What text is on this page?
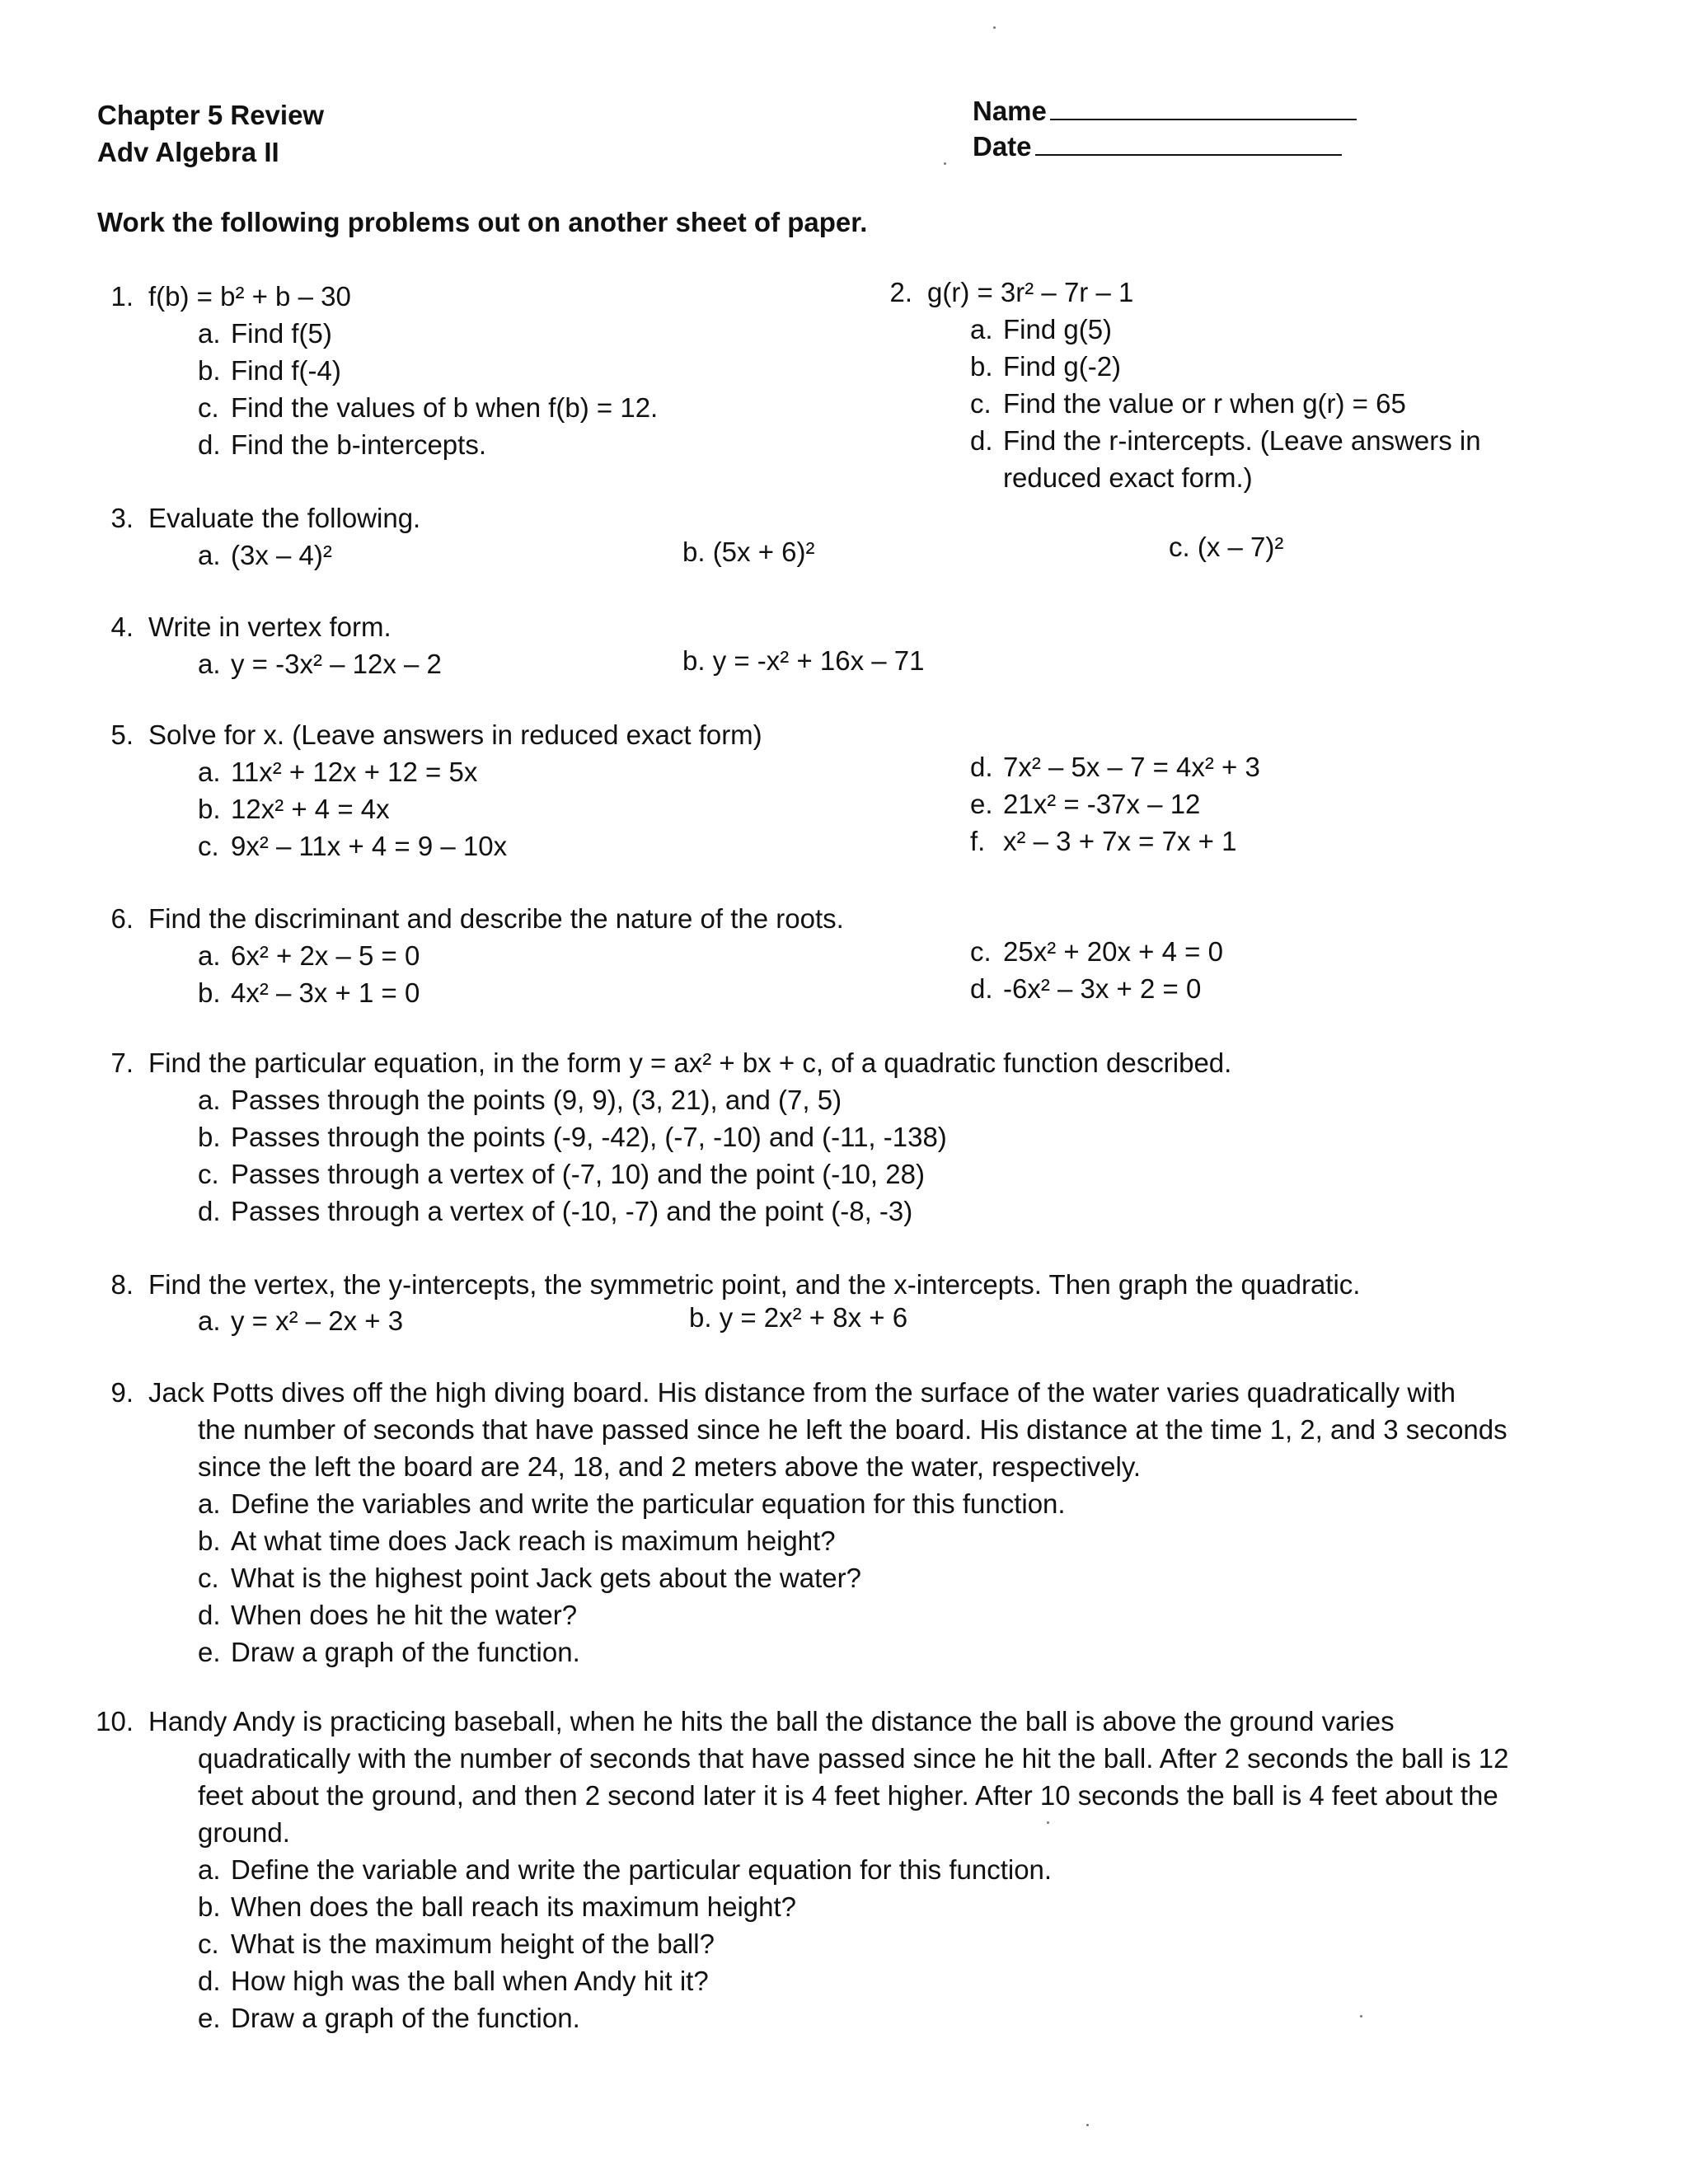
Chapter 5 Review
Adv Algebra II
Name
Date
Work the following problems out on another sheet of paper.
1. f(b) = b² + b – 30
a. Find f(5)
b. Find f(-4)
c. Find the values of b when f(b) = 12.
d. Find the b-intercepts.
2. g(r) = 3r² – 7r – 1
a. Find g(5)
b. Find g(-2)
c. Find the value or r when g(r) = 65
d. Find the r-intercepts. (Leave answers in
reduced exact form.)
3. Evaluate the following.
a. (3x – 4)²	b. (5x + 6)²	c. (x – 7)²
4. Write in vertex form.
a. y = -3x² – 12x – 2	b. y = -x² + 16x – 71
5. Solve for x. (Leave answers in reduced exact form)
a. 11x² + 12x + 12 = 5x
b. 12x² + 4 = 4x
c. 9x² – 11x + 4 = 9 – 10x
d. 7x² – 5x – 7 = 4x² + 3
e. 21x² = -37x – 12
f. x² – 3 + 7x = 7x + 1
6. Find the discriminant and describe the nature of the roots.
a. 6x² + 2x – 5 = 0
b. 4x² – 3x + 1 = 0
c. 25x² + 20x + 4 = 0
d. -6x² – 3x + 2 = 0
7. Find the particular equation, in the form y = ax² + bx + c, of a quadratic function described.
a. Passes through the points (9, 9), (3, 21), and (7, 5)
b. Passes through the points (-9, -42), (-7, -10) and (-11, -138)
c. Passes through a vertex of (-7, 10) and the point (-10, 28)
d. Passes through a vertex of (-10, -7) and the point (-8, -3)
8. Find the vertex, the y-intercepts, the symmetric point, and the x-intercepts. Then graph the quadratic.
a. y = x² – 2x + 3	b. y = 2x² + 8x + 6
9. Jack Potts dives off the high diving board. His distance from the surface of the water varies quadratically with
the number of seconds that have passed since he left the board. His distance at the time 1, 2, and 3 seconds
since the left the board are 24, 18, and 2 meters above the water, respectively.
a. Define the variables and write the particular equation for this function.
b. At what time does Jack reach is maximum height?
c. What is the highest point Jack gets about the water?
d. When does he hit the water?
e. Draw a graph of the function.
10. Handy Andy is practicing baseball, when he hits the ball the distance the ball is above the ground varies
quadratically with the number of seconds that have passed since he hit the ball. After 2 seconds the ball is 12
feet about the ground, and then 2 second later it is 4 feet higher. After 10 seconds the ball is 4 feet about the
ground.
a. Define the variable and write the particular equation for this function.
b. When does the ball reach its maximum height?
c. What is the maximum height of the ball?
d. How high was the ball when Andy hit it?
e. Draw a graph of the function.
